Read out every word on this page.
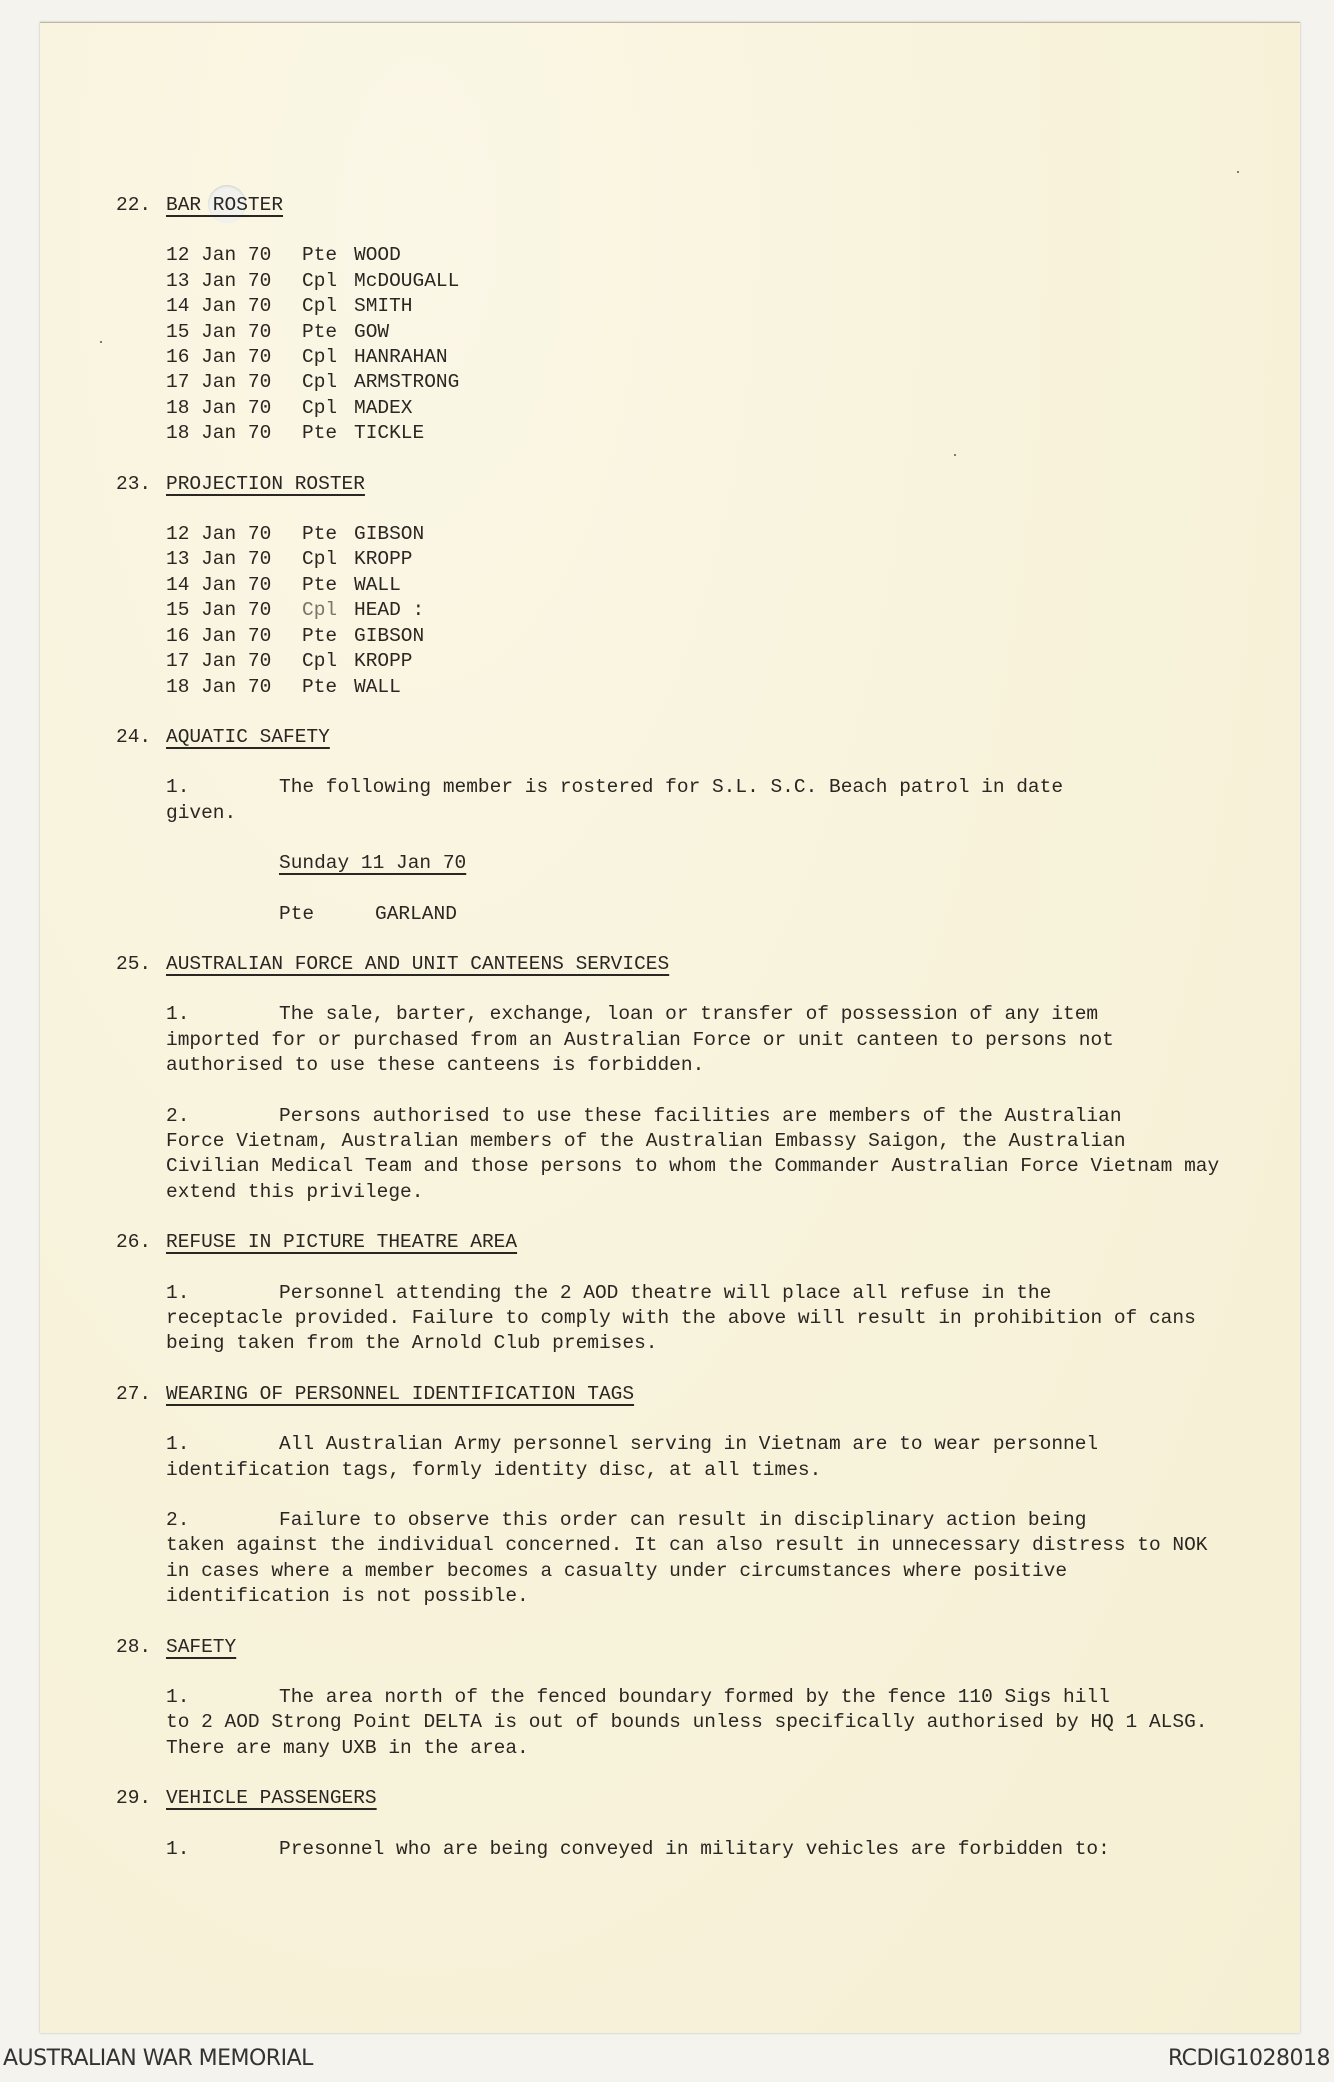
22. BAR ROSTER
12 Jan 70	Pte WOOD
13 Jan 70	Cpl McDOUGALL
14 Jan 70	Cpl SMITH
15 Jan 70	Pte GOW
16 Jan 70	Cpl HANRAHAN
17 Jan 70	Cpl ARMSTRONG
18 Jan 70	Cpl MADEX
18 Jan 70	Pte TICKLE
23. PROJECTION ROSTER
12 Jan 70	Pte GIBSON
13 Jan 70	Cpl KROPP
14 Jan 70	Pte WALL
15 Jan 70	Cpl HEAD :
16 Jan 70	Pte GIBSON
17 Jan 70	Cpl KROPP
18 Jan 70	Pte WALL
24. AQUATIC SAFETY
1.	The following member is rostered for S.L. S.C. Beach patrol in date
given.
Sunday 11 Jan 70
Pte	GARLAND
25. AUSTRALIAN FORCE AND UNIT CANTEENS SERVICES
1.	The sale, barter, exchange, loan or transfer of possession of any item
imported for or purchased from an Australian Force or unit canteen to persons not authorised to use these canteens is forbidden.
2.	Persons authorised to use these facilities are members of the Australian
Force Vietnam, Australian members of the Australian Embassy Saigon, the Australian Civilian Medical Team and those persons to whom the Commander Australian Force Vietnam may extend this privilege.
26. REFUSE IN PICTURE THEATRE AREA
1.	Personnel attending the 2 AOD theatre will place all refuse in the
receptacle provided. Failure to comply with the above will result in prohibition of cans being taken from the Arnold Club premises.
27. WEARING OF PERSONNEL IDENTIFICATION TAGS
1.	All Australian Army personnel serving in Vietnam are to wear personnel
identification tags, formly identity disc, at all times.
2.	Failure to observe this order can result in disciplinary action being
taken against the individual concerned. It can also result in unnecessary distress to NOK in cases where a member becomes a casualty under circumstances where positive identification is not possible.
28. SAFETY
1.	The area north of the fenced boundary formed by the fence 110 Sigs hill
to 2 AOD Strong Point DELTA is out of bounds unless specifically authorised by HQ 1 ALSG. There are many UXB in the area.
29. VEHICLE PASSENGERS
1.	Presonnel who are being conveyed in military vehicles are forbidden to:
AUSTRALIAN WAR MEMORIAL	RCDIG1028018
